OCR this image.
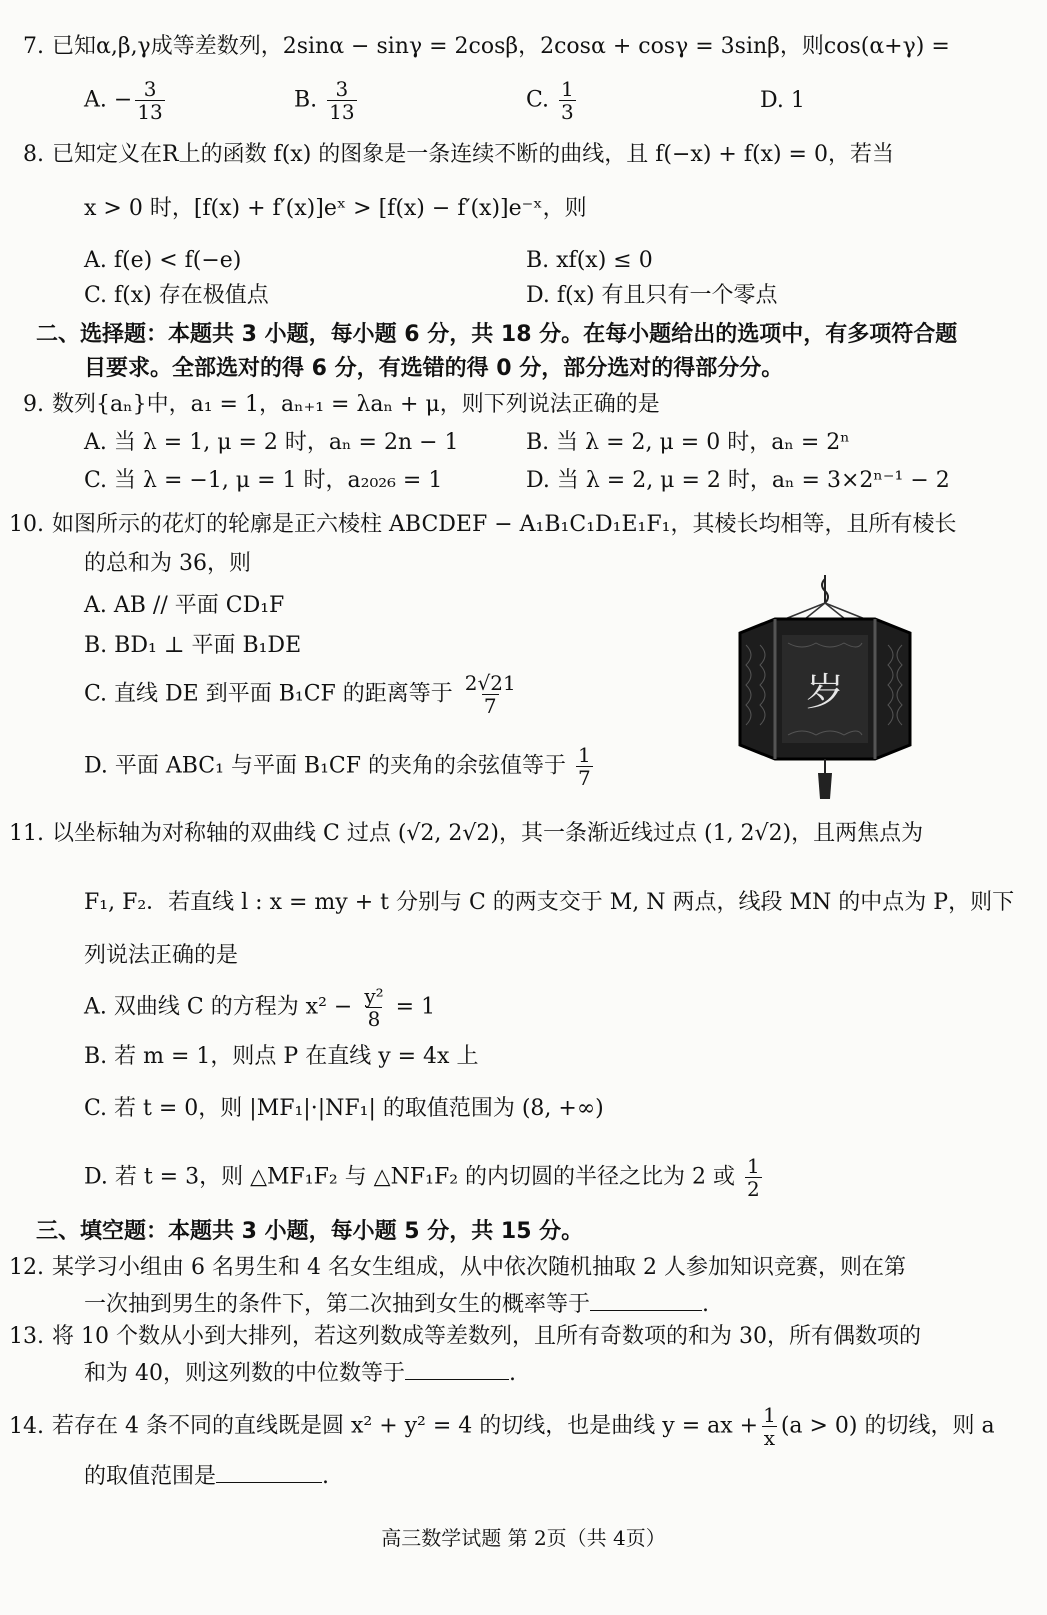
7. 已知α,β,γ成等差数列，2sinα − sinγ = 2cosβ，2cosα + cosγ = 3sinβ，则cos(α+γ) =
A. − $\frac{3}{13}$	B. $\frac{3}{13}$	C. $\frac{1}{3}$	D. 1
8. 已知定义在R上的函数 f(x) 的图象是一条连续不断的曲线，且 f(−x) + f(x) = 0，若当
x > 0 时，[f(x) + f′(x)]eˣ > [f(x) − f′(x)]e⁻ˣ，则
A. f(e) < f(−e)	B. xf(x) ≤ 0
C. f(x) 存在极值点	D. f(x) 有且只有一个零点
二、选择题：本题共 3 小题，每小题 6 分，共 18 分。在每小题给出的选项中，有多项符合题
目要求。全部选对的得 6 分，有选错的得 0 分，部分选对的得部分分。
9. 数列{aₙ}中，a₁ = 1，aₙ₊₁ = λaₙ + μ，则下列说法正确的是
A. 当 λ = 1, μ = 2 时，aₙ = 2n − 1	B. 当 λ = 2, μ = 0 时，aₙ = 2ⁿ
C. 当 λ = −1, μ = 1 时，a₂₀₂₆ = 1	D. 当 λ = 2, μ = 2 时，aₙ = 3×2ⁿ⁻¹ − 2
10. 如图所示的花灯的轮廓是正六棱柱 ABCDEF − A₁B₁C₁D₁E₁F₁，其棱长均相等，且所有棱长
的总和为 36，则
A. AB // 平面 CD₁F
B. BD₁ ⊥ 平面 B₁DE
C. 直线 DE 到平面 B₁CF 的距离等于 $\frac{2√21}{7}$
D. 平面 ABC₁ 与平面 B₁CF 的夹角的余弦值等于 $\frac{1}{7}$
岁
11. 以坐标轴为对称轴的双曲线 C 过点 (√2, 2√2)，其一条渐近线过点 (1, 2√2)，且两焦点为
F₁, F₂．若直线 l : x = my + t 分别与 C 的两支交于 M, N 两点，线段 MN 的中点为 P，则下
列说法正确的是
A. 双曲线 C 的方程为 $x^2 - \frac{\text{y²}}{8} = 1$
B. 若 m = 1，则点 P 在直线 y = 4x 上
C. 若 t = 0，则 |MF₁|·|NF₁| 的取值范围为 (8, +∞)
D. 若 t = 3，则 △MF₁F₂ 与 △NF₁F₂ 的内切圆的半径之比为 2 或 $\frac{1}{2}$
三、填空题：本题共 3 小题，每小题 5 分，共 15 分。
12. 某学习小组由 6 名男生和 4 名女生组成，从中依次随机抽取 2 人参加知识竞赛，则在第
一次抽到男生的条件下，第二次抽到女生的概率等于	.
13. 将 10 个数从小到大排列，若这列数成等差数列，且所有奇数项的和为 30，所有偶数项的
和为 40，则这列数的中位数等于	.
14. 若存在 4 条不同的直线既是圆 x² + y² = 4 的切线，也是曲线 y = ax + $\frac{1}{x} (a > 0)$ 的切线，则 a
的取值范围是	.
高三数学试题 第 2页（共 4页）
